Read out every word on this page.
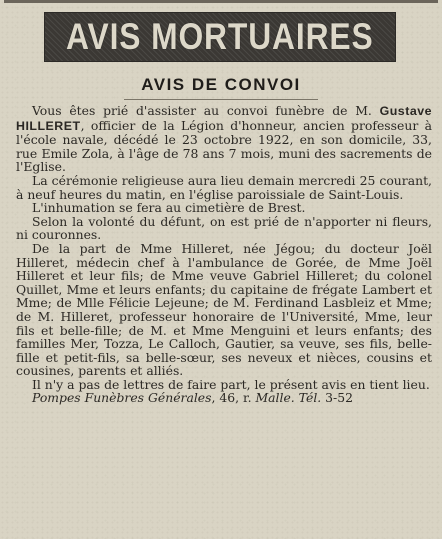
AVIS MORTUAIRES
AVIS DE CONVOI

Vous êtes prié d'assister au convoi funèbre de M. Gustave HILLERET, officier de la Légion d'honneur, ancien professeur à l'école navale, décédé le 23 octobre 1922, en son domicile, 33, rue Emile Zola, à l'âge de 78 ans 7 mois, muni des sacrements de l'Eglise.

La cérémonie religieuse aura lieu demain mercredi 25 courant, à neuf heures du matin, en l'église paroissiale de Saint-Louis.

L'inhumation se fera au cimetière de Brest.

Selon la volonté du défunt, on est prié de n'apporter ni fleurs, ni couronnes.

De la part de Mme Hilleret, née Jégou; du docteur Joël Hilleret, médecin chef à l'ambulance de Gorée, de Mme Joël Hilleret et leur fils; de Mme veuve Gabriel Hilleret; du colonel Quillet, Mme et leurs enfants; du capitaine de frégate Lambert et Mme; de Mlle Félicie Lejeune; de M. Ferdinand Lasbleiz et Mme; de M. Hilleret, professeur honoraire de l'Université, Mme, leur fils et belle-fille; de M. et Mme Menguini et leurs enfants; des familles Mer, Tozza, Le Calloch, Gautier, sa veuve, ses fils, belle-fille et petit-fils, sa belle-sœur, ses neveux et nièces, cousins et cousines, parents et alliés.

Il n'y a pas de lettres de faire part, le présent avis en tient lieu.

Pompes Funèbres Générales, 46, r. Malle. Tél. 3-52
